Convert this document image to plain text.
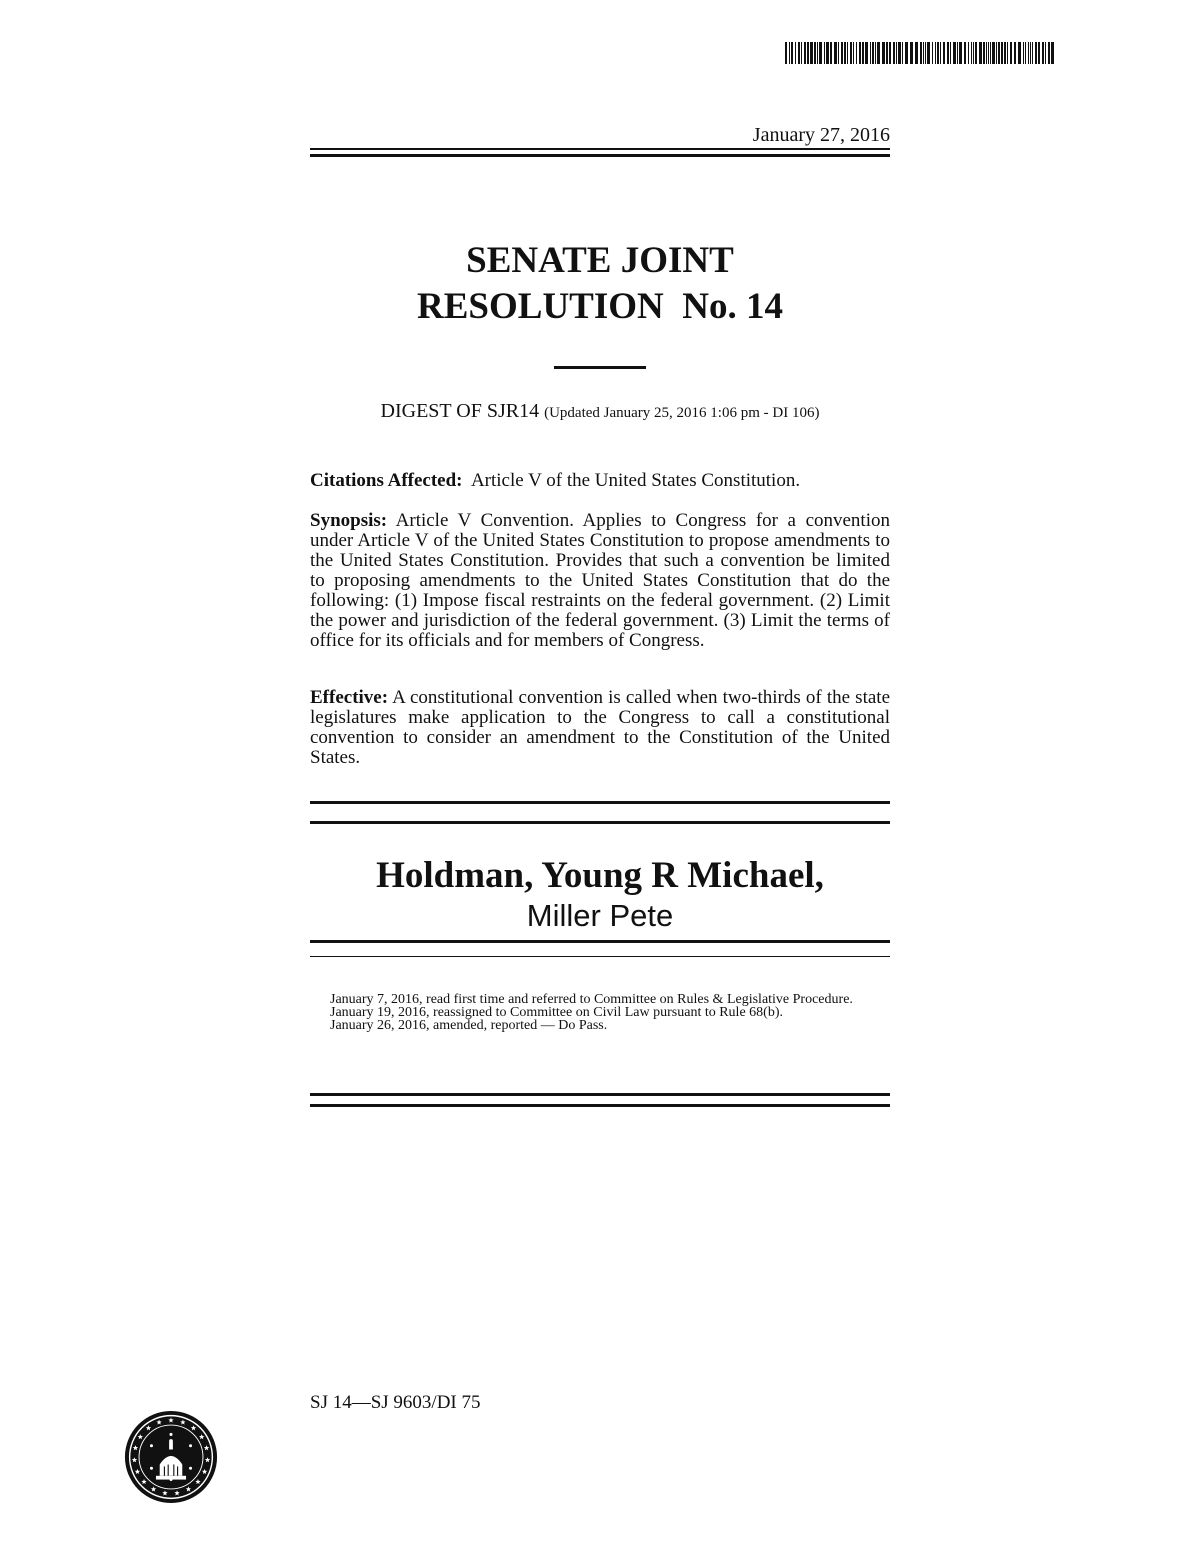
January 27, 2016
SENATE JOINT
RESOLUTION  No. 14
DIGEST OF SJR14 (Updated January 25, 2016 1:06 pm - DI 106)
Citations Affected: Article V of the United States Constitution.
Synopsis: Article V Convention. Applies to Congress for a convention under Article V of the United States Constitution to propose amendments to the United States Constitution. Provides that such a convention be limited to proposing amendments to the United States Constitution that do the following: (1) Impose fiscal restraints on the federal government. (2) Limit the power and jurisdiction of the federal government. (3) Limit the terms of office for its officials and for members of Congress.
Effective: A constitutional convention is called when two-thirds of the state legislatures make application to the Congress to call a constitutional convention to consider an amendment to the Constitution of the United States.
Holdman, Young R Michael,
Miller Pete

January 7, 2016, read first time and referred to Committee on Rules & Legislative Procedure.

January 19, 2016, reassigned to Committee on Civil Law pursuant to Rule 68(b).

January 26, 2016, amended, reported — Do Pass.

SJ 14—SJ 9603/DI 75
